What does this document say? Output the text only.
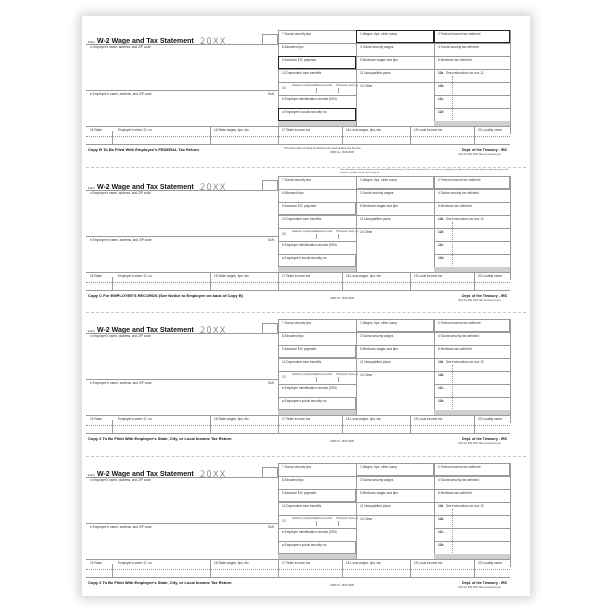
Form W-2 Wage and Tax Statement 20XX
c Employer's name, address, and ZIP code
e Employee's name, address, and ZIP code	Suff.
7 Social security tips
8 Allocated tips
9 Advance EIC payment
10 Dependent care benefits
13
Statutory employee Retirement plan Third-party sick pay
b Employer identification number (EIN)
a Employee's social security no.
1 Wages, tips, other comp.
3 Social security wages
5 Medicare wages and tips
11 Nonqualified plans
14 Other
2 Federal income tax withheld
4 Social security tax withheld
6 Medicare tax withheld
12a See instructions for box 12
12b
12c
12d
15 State	Employer's state I.D. no.	16 State wages, tips, etc.	17 State income tax	18 Local wages, tips, etc.	19 Local income tax	20 Locality name
Copy B To Be Filed With Employee's FEDERAL Tax Return	This information is being furnished to the Internal Revenue Service.
OMB No. 1545-0008
Dept. of the Treasury - IRS
Visit the IRS Web Site at www.irs.gov
Form W-2 Wage and Tax Statement 20XX
c Employer's name, address, and ZIP code
e Employee's name, address, and ZIP code	Suff.
7 Social security tips
8 Allocated tips
9 Advance EIC payment
10 Dependent care benefits
13
Statutory employee Retirement plan Third-party sick pay
b Employer identification number (EIN)
a Employee's social security no.
1 Wages, tips, other comp.
3 Social security wages
5 Medicare wages and tips
11 Nonqualified plans
14 Other
2 Federal income tax withheld
4 Social security tax withheld
6 Medicare tax withheld
12a See instructions for box 12
12b
12c
12d
15 State	Employer's state I.D. no.	16 State wages, tips, etc.	17 State income tax	18 Local wages, tips, etc.	19 Local income tax	20 Locality name
Copy C For EMPLOYEE'S RECORDS (See Notice to Employee on back of Copy B)
OMB No. 1545-0008
Dept. of the Treasury - IRS
Visit the IRS Web Site at www.irs.gov
Form W-2 Wage and Tax Statement 20XX
c Employer's name, address, and ZIP code
e Employee's name, address, and ZIP code	Suff.
7 Social security tips
8 Allocated tips
9 Advance EIC payment
10 Dependent care benefits
13
Statutory employee Retirement plan Third-party sick pay
b Employer identification number (EIN)
a Employee's social security no.
1 Wages, tips, other comp.
3 Social security wages
5 Medicare wages and tips
11 Nonqualified plans
14 Other
2 Federal income tax withheld
4 Social security tax withheld
6 Medicare tax withheld
12a See instructions for box 12
12b
12c
12d
15 State	Employer's state I.D. no.	16 State wages, tips, etc.	17 State income tax	18 Local wages, tips, etc.	19 Local income tax	20 Locality name
Copy 2 To Be Filed With Employee's State, City, or Local Income Tax Return
OMB No. 1545-0008
Dept. of the Treasury - IRS
Visit the IRS Web Site at www.irs.gov
Form W-2 Wage and Tax Statement 20XX
c Employer's name, address, and ZIP code
e Employee's name, address, and ZIP code	Suff.
7 Social security tips
8 Allocated tips
9 Advance EIC payment
10 Dependent care benefits
13
Statutory employee Retirement plan Third-party sick pay
b Employer identification number (EIN)
a Employee's social security no.
1 Wages, tips, other comp.
3 Social security wages
5 Medicare wages and tips
11 Nonqualified plans
14 Other
2 Federal income tax withheld
4 Social security tax withheld
6 Medicare tax withheld
12a See instructions for box 12
12b
12c
12d
15 State	Employer's state I.D. no.	16 State wages, tips, etc.	17 State income tax	18 Local wages, tips, etc.	19 Local income tax	20 Locality name
Copy 2 To Be Filed With Employee's State, City, or Local Income Tax Return
OMB No. 1545-0008
Dept. of the Treasury - IRS
Visit the IRS Web Site at www.irs.gov
This information is being furnished to the Internal Revenue Service. If you are required to file a tax return, a negligence penalty or other sanction may be imposed on you if this income is taxable and you fail to report it.
